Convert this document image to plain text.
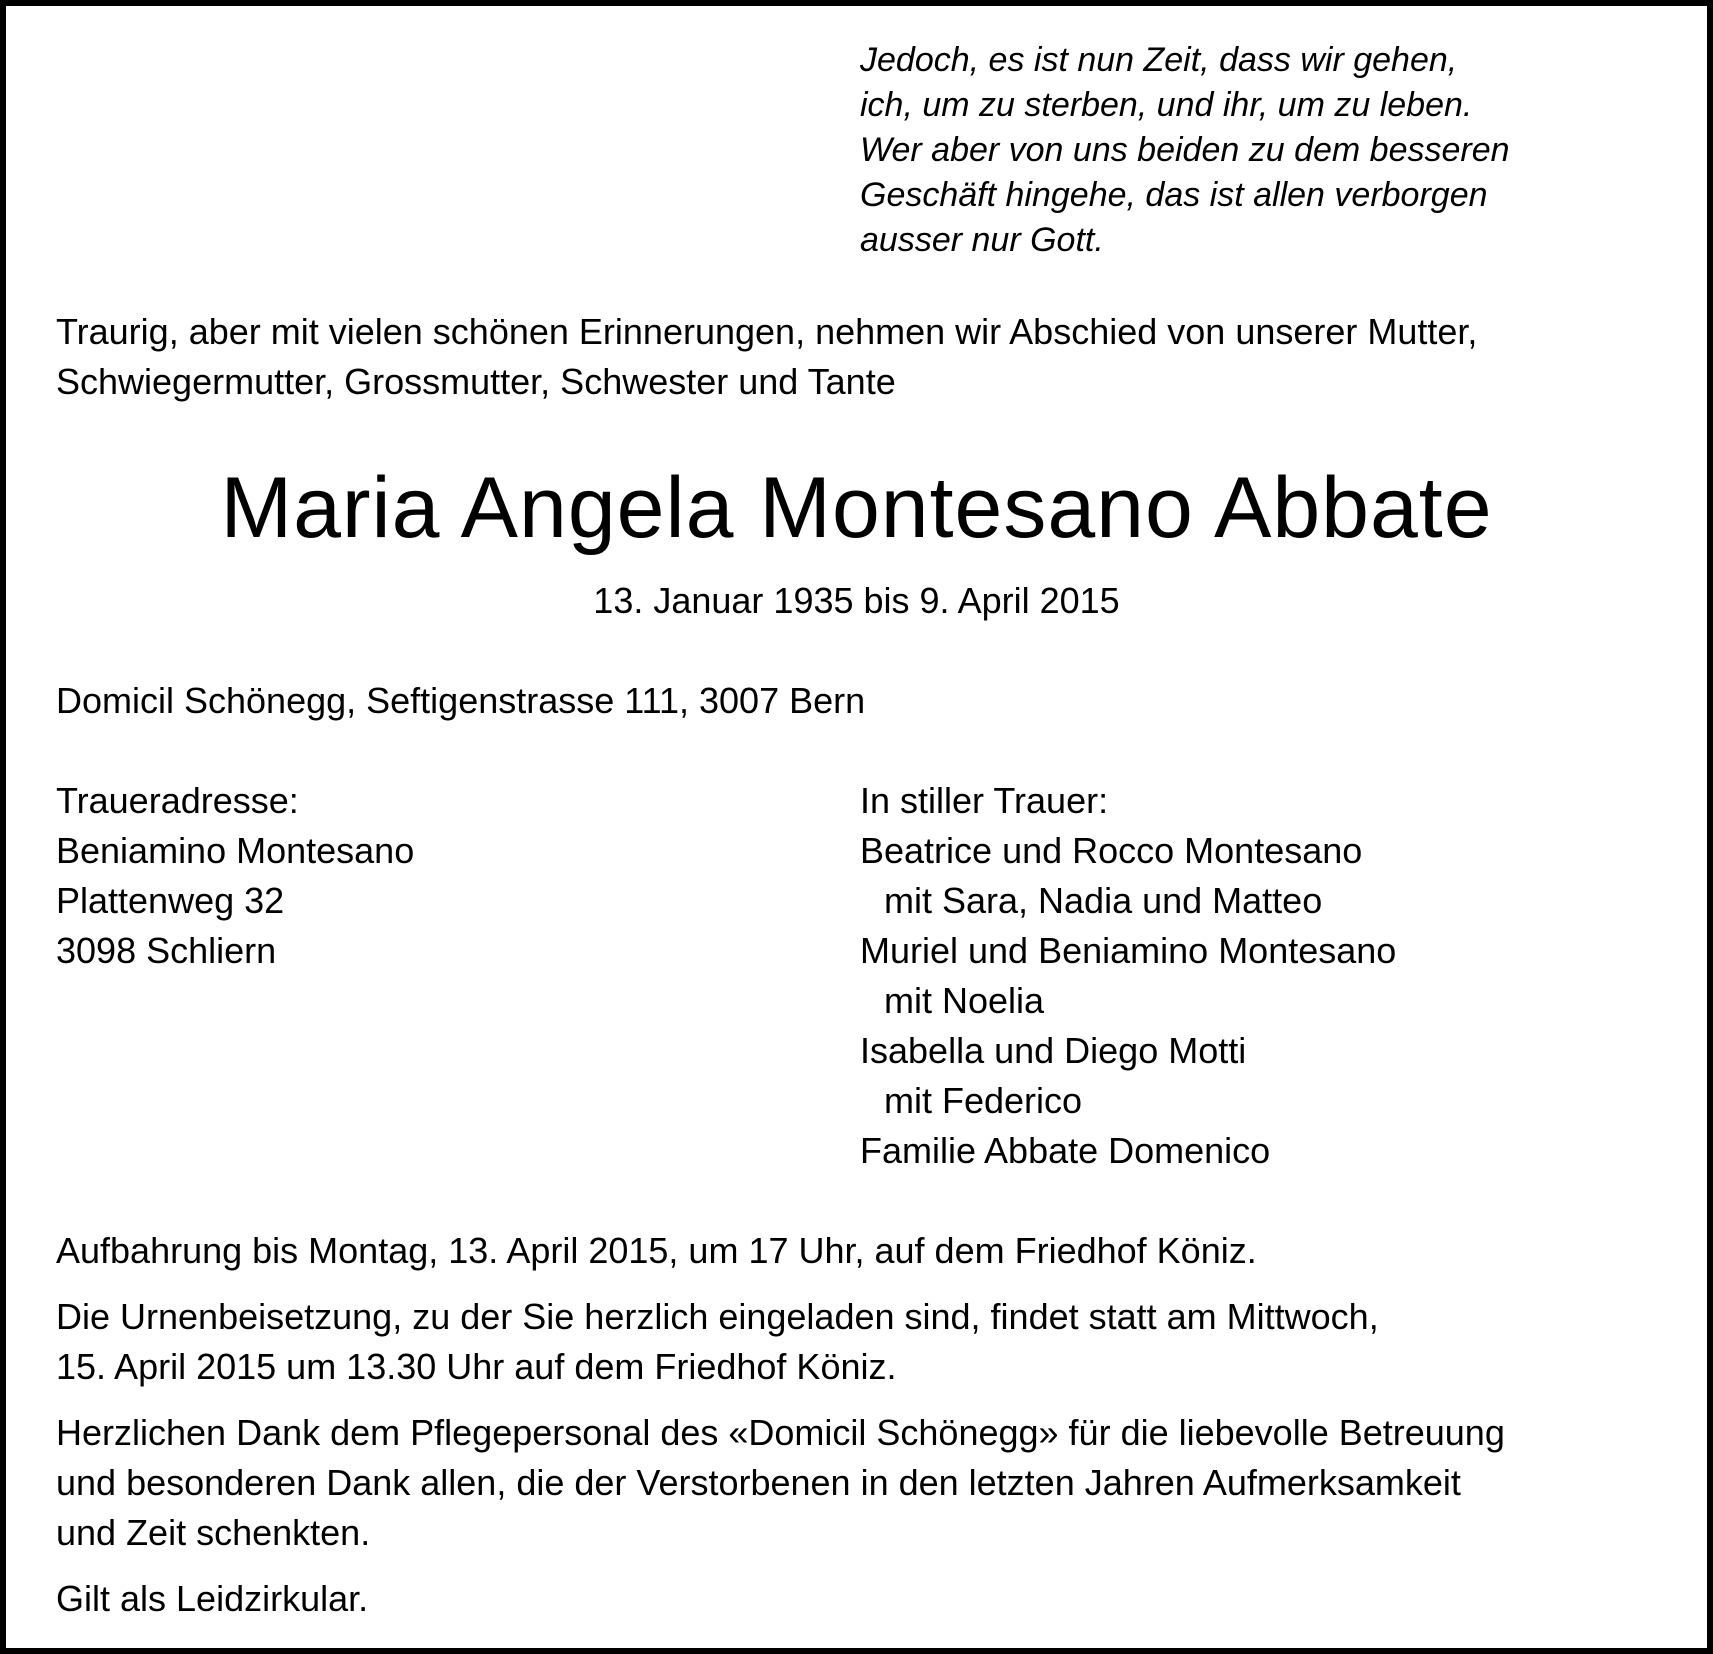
Jedoch, es ist nun Zeit, dass wir gehen,
ich, um zu sterben, und ihr, um zu leben.
Wer aber von uns beiden zu dem besseren
Geschäft hingehe, das ist allen verborgen
ausser nur Gott.

Traurig, aber mit vielen schönen Erinnerungen, nehmen wir Abschied von unserer Mutter,
Schwiegermutter, Grossmutter, Schwester und Tante

Maria Angela Montesano Abbate
13. Januar 1935 bis 9. April 2015

Domicil Schönegg, Seftigenstrasse 111, 3007 Bern

Traueradresse:
Beniamino Montesano
Plattenweg 32
3098 Schliern
In stiller Trauer:
Beatrice und Rocco Montesano
mit Sara, Nadia und Matteo
Muriel und Beniamino Montesano
mit Noelia
Isabella und Diego Motti
mit Federico
Familie Abbate Domenico

Aufbahrung bis Montag, 13. April 2015, um 17 Uhr, auf dem Friedhof Köniz.

Die Urnenbeisetzung, zu der Sie herzlich eingeladen sind, findet statt am Mittwoch,
15. April 2015 um 13.30 Uhr auf dem Friedhof Köniz.

Herzlichen Dank dem Pflegepersonal des «Domicil Schönegg» für die liebevolle Betreuung
und besonderen Dank allen, die der Verstorbenen in den letzten Jahren Aufmerksamkeit
und Zeit schenkten.

Gilt als Leidzirkular.
